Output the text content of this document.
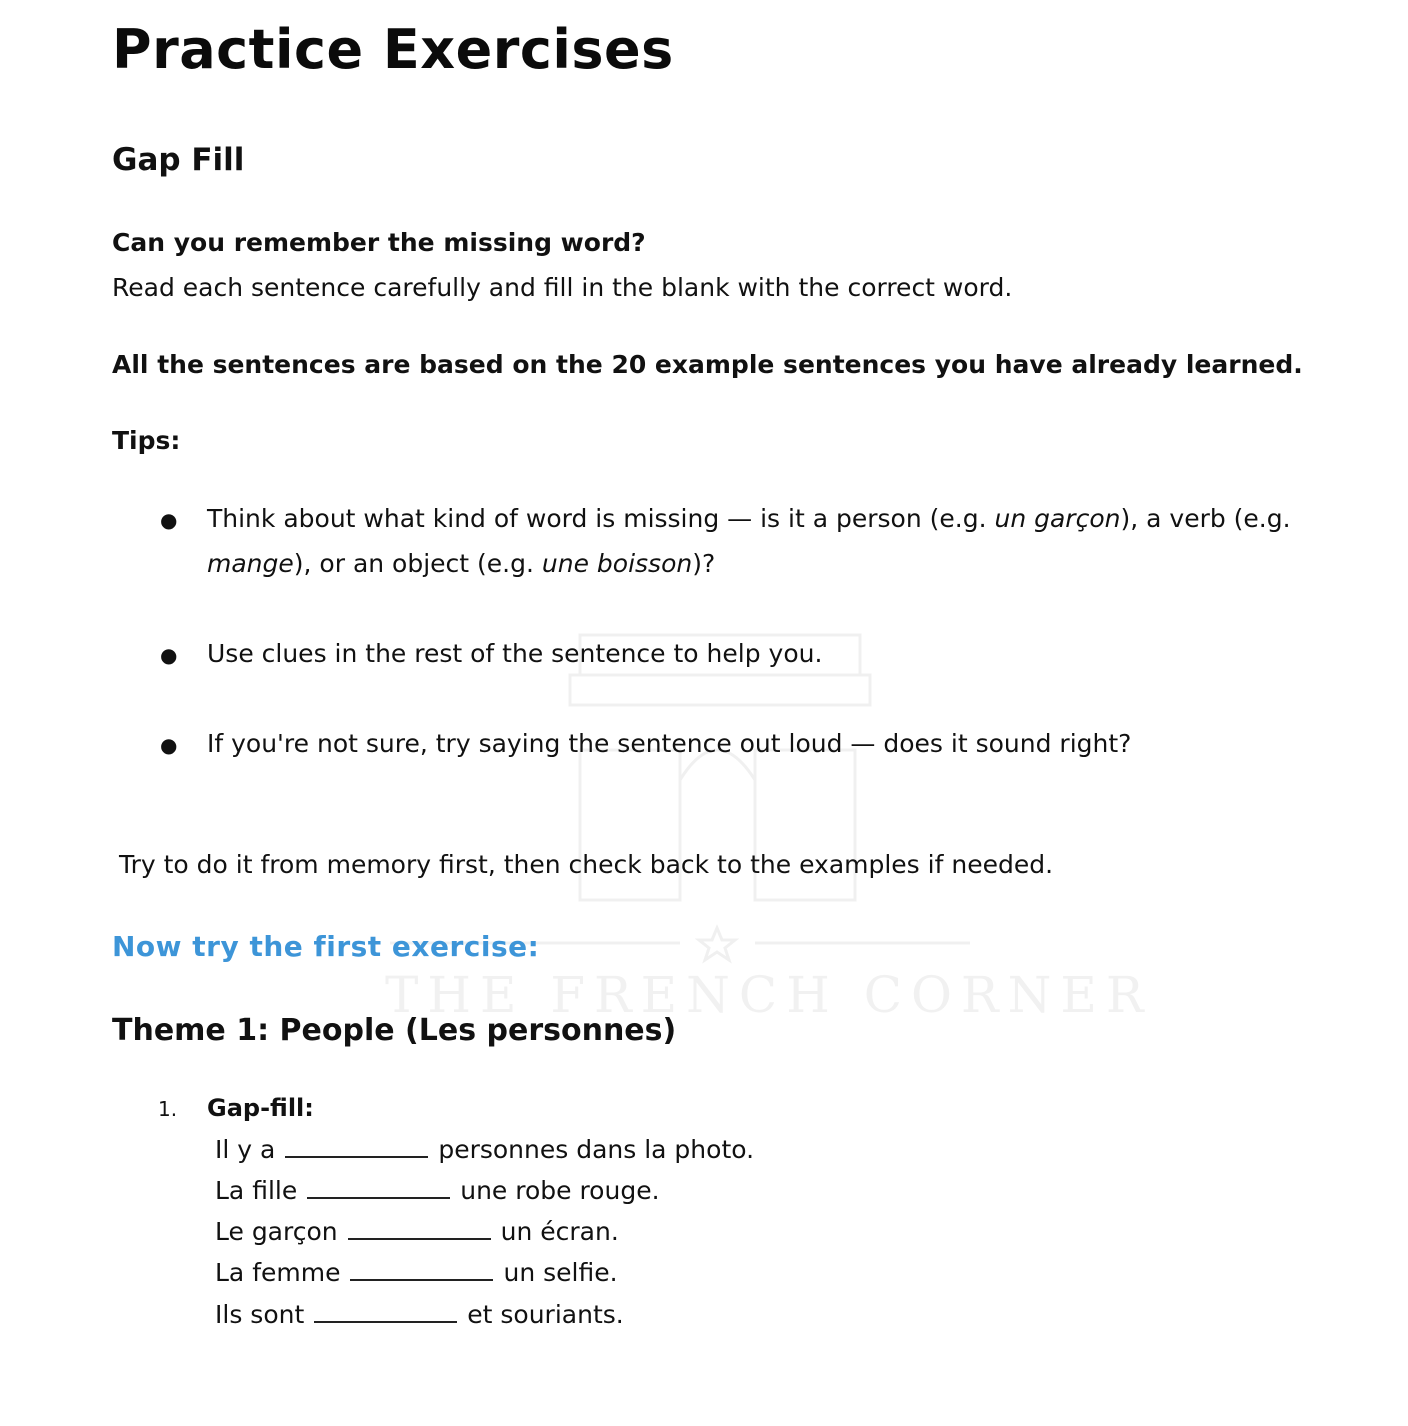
THE FRENCH CORNER
Practice Exercises
Gap Fill
Can you remember the missing word?
Read each sentence carefully and fill in the blank with the correct word.
All the sentences are based on the 20 example sentences you have already learned.
Tips:
● Think about what kind of word is missing — is it a person (e.g. un garçon), a verb (e.g. mange), or an object (e.g. une boisson)?
● Use clues in the rest of the sentence to help you.
● If you're not sure, try saying the sentence out loud — does it sound right?
Try to do it from memory first, then check back to the examples if needed.
Now try the first exercise:
Theme 1: People (Les personnes)
1. Gap-fill:
Il y a	personnes dans la photo.
La fille	une robe rouge.
Le garçon	un écran.
La femme	un selfie.
Ils sont	et souriants.
